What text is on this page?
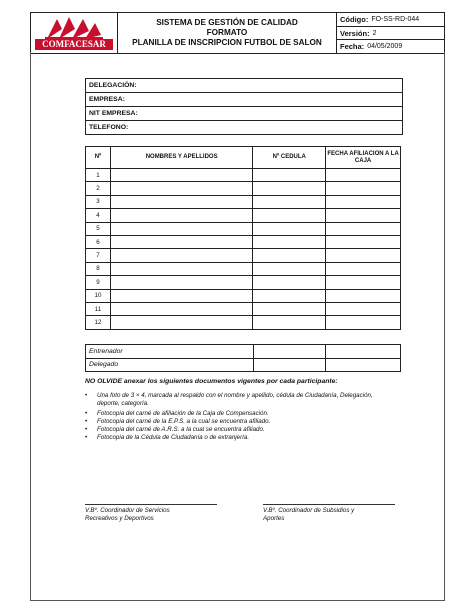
COMFACESAR
SISTEMA DE GESTIÓN DE CALIDAD
FORMATO
PLANILLA DE INSCRIPCION FUTBOL DE SALON
Código: FO-SS-RD-044
Versión: 2
Fecha: 04/05/2009
DELEGACIÓN:
EMPRESA:
NIT EMPRESA:
TELEFONO:
Nº	NOMBRES Y APELLIDOS	Nº CEDULA	FECHA AFILIACION A LA CAJA
1			
2			
3			
4			
5			
6			
7			
8			
9			
10			
11			
12			
Entrenador		
Delegado		
NO OLVIDE anexar los siguientes documentos vigentes por cada participante:
• Una foto de 3 × 4, marcada al respaldo con el nombre y apellido, cédula de Ciudadanía, Delegación, deporte, categoría.
• Fotocopia del carné de afiliación de la Caja de Compensación.
• Fotocopia del carné de la E.P.S. a la cual se encuentra afiliado.
• Fotocopia del carné de A.R.S. a la cual se encuentra afiliado.
• Fotocopia de la Cédula de Ciudadanía o de extranjería.
V.Bº. Coordinador de Servicios
Recreativos y Deportivos
V.Bº. Coordinador de Subsidios y
Aportes
